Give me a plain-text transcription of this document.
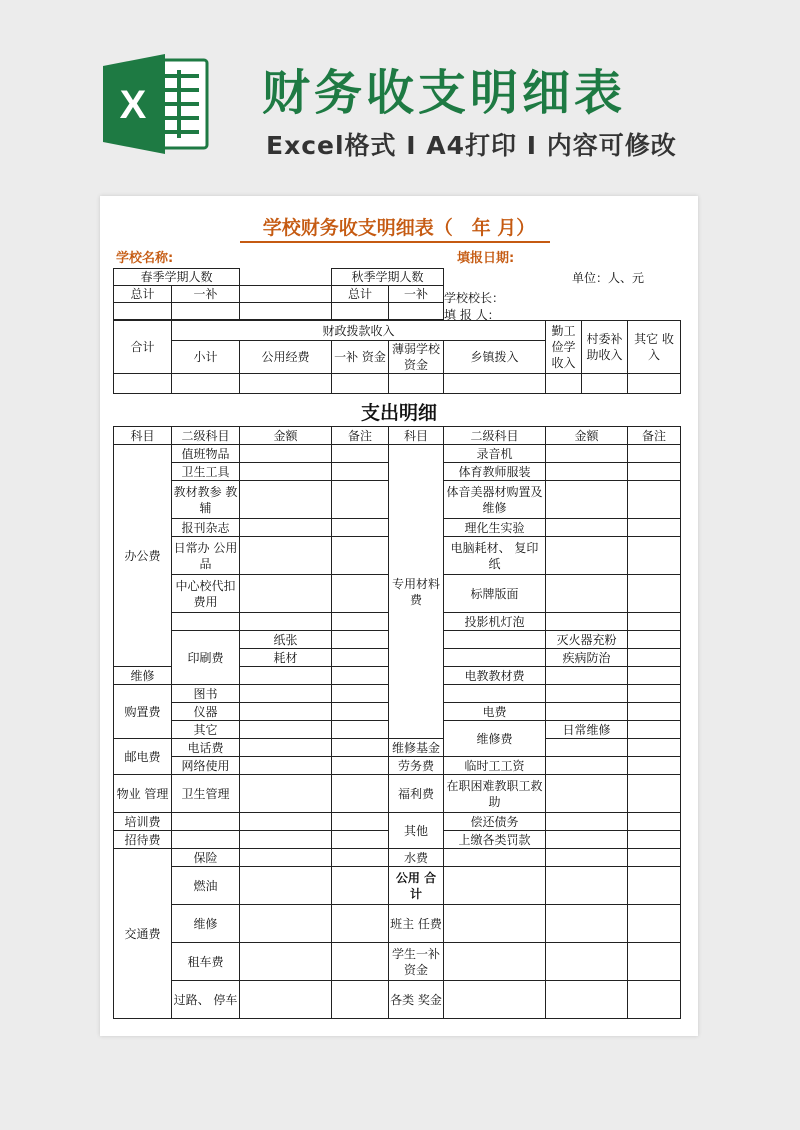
X 财务收支明细表
Excel格式 Ⅰ A4打印 Ⅰ 内容可修改
学校财务收支明细表（　年 月）
学校名称:	填报日期:
单位：人、元
学校校长：
填 报 人：
春季学期人数			秋季学期人数	
总计	一补		总计	一补

合计	财政拨款收入					勤工俭学收入	村委补助收入	其它 收入
	小计	公用经费	一补 资金	薄弱学校资金	乡镇拨入			

支出明细
科目	二级科目	金额	备注	科目	二级科目	金额	备注	
办公费	值班物品			专用材料费	录音机			
	卫生工具				体育教师服装			
	教材教参 教 辅				体音美器材购置及维修			
	报刊杂志				理化生实验			
	日常办 公用品				电脑耗材、 复印纸			
	中心校代扣费用				标牌版面			
					投影机灯泡			
	印刷费	纸张				灭火器充粉		
		耗材				疾病防治		
维修					电教教材费			
购置费	图书							
	仪器				电费			
	其它				维修费	日常维修		
邮电费	电话费			维修基金				
	网络使用			劳务费	临时工工资			
物业 管理	卫生管理			福利费	在职困难教职工救助			
培训费				其他	偿还债务			
招待费					上缴各类罚款			
交通费	保险			水费				
	燃油			公用 合计				
	维修			班主 任费				
	租车费			学生一补资金				
	过路、 停车			各类 奖金				
